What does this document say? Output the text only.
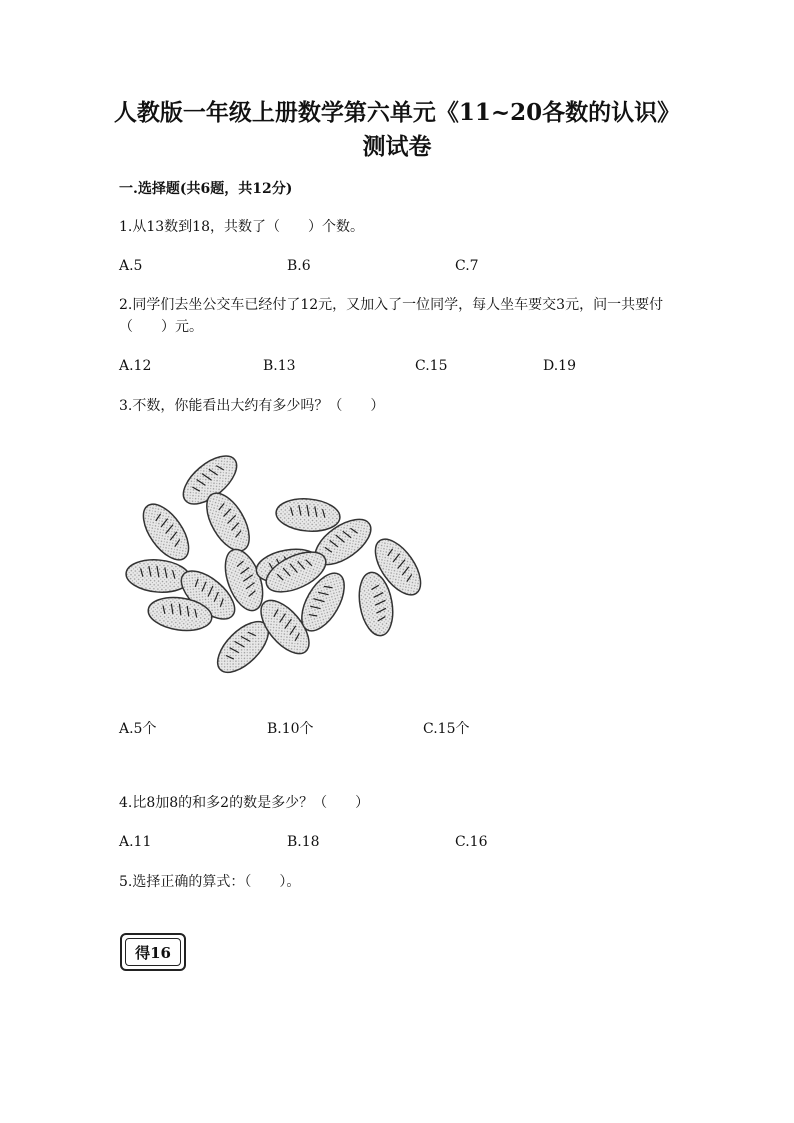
人教版一年级上册数学第六单元《11~20各数的认识》测试卷
一.选择题(共6题，共12分)
1.从13数到18，共数了（　　）个数。
A.5	B.6	C.7
2.同学们去坐公交车已经付了12元，又加入了一位同学，每人坐车要交3元，问一共要付（　　）元。
A.12	B.13	C.15	D.19
3.不数，你能看出大约有多少吗？（　　）
A.5个	B.10个	C.15个
4.比8加8的和多2的数是多少？（　　）
A.11	B.18	C.16
5.选择正确的算式：（　　）。
得16
